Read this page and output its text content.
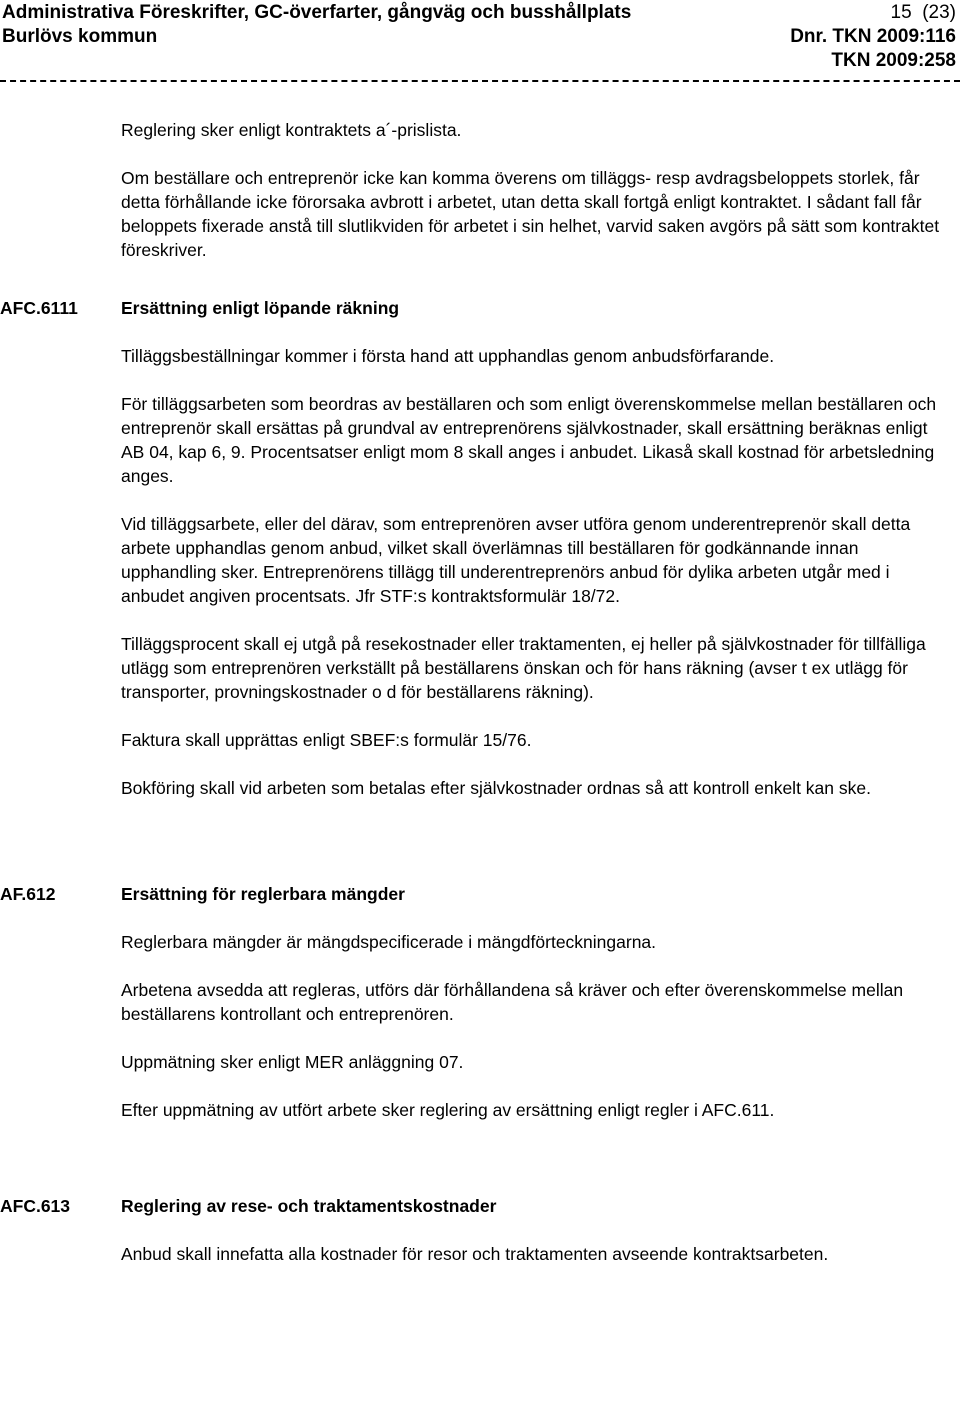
Administrativa Föreskrifter, GC-överfarter, gångväg och busshållplats	15 (23)
Burlövs kommun	Dnr. TKN 2009:116
TKN 2009:258

Reglering sker enligt kontraktets a´-prislista.

Om beställare och entreprenör icke kan komma överens om tilläggs- resp avdragsbeloppets storlek, får detta förhållande icke förorsaka avbrott i arbetet, utan detta skall fortgå enligt kontraktet. I sådant fall får beloppets fixerade anstå till slutlikviden för arbetet i sin helhet, varvid saken avgörs på sätt som kontraktet föreskriver.

AFC.6111 Ersättning enligt löpande räkning

Tilläggsbeställningar kommer i första hand att upphandlas genom anbudsförfarande.

För tilläggsarbeten som beordras av beställaren och som enligt överenskommelse mellan beställaren och entreprenör skall ersättas på grundval av entreprenörens självkostnader, skall ersättning beräknas enligt AB 04, kap 6, 9. Procentsatser enligt mom 8 skall anges i anbudet. Likaså skall kostnad för arbetsledning anges.

Vid tilläggsarbete, eller del därav, som entreprenören avser utföra genom underentreprenör skall detta arbete upphandlas genom anbud, vilket skall överlämnas till beställaren för godkännande innan upphandling sker. Entreprenörens tillägg till underentreprenörs anbud för dylika arbeten utgår med i anbudet angiven procentsats. Jfr STF:s kontraktsformulär 18/72.

Tilläggsprocent skall ej utgå på resekostnader eller traktamenten, ej heller på självkostnader för tillfälliga utlägg som entreprenören verkställt på beställarens önskan och för hans räkning (avser t ex utlägg för transporter, provningskostnader o d för beställarens räkning).

Faktura skall upprättas enligt SBEF:s formulär 15/76.

Bokföring skall vid arbeten som betalas efter självkostnader ordnas så att kontroll enkelt kan ske.

AF.612	Ersättning för reglerbara mängder

Reglerbara mängder är mängdspecificerade i mängdförteckningarna.

Arbetena avsedda att regleras, utförs där förhållandena så kräver och efter överenskommelse mellan beställarens kontrollant och entreprenören.

Uppmätning sker enligt MER anläggning 07.

Efter uppmätning av utfört arbete sker reglering av ersättning enligt regler i AFC.611.

AFC.613	Reglering av rese- och traktamentskostnader

Anbud skall innefatta alla kostnader för resor och traktamenten avseende kontraktsarbeten.
